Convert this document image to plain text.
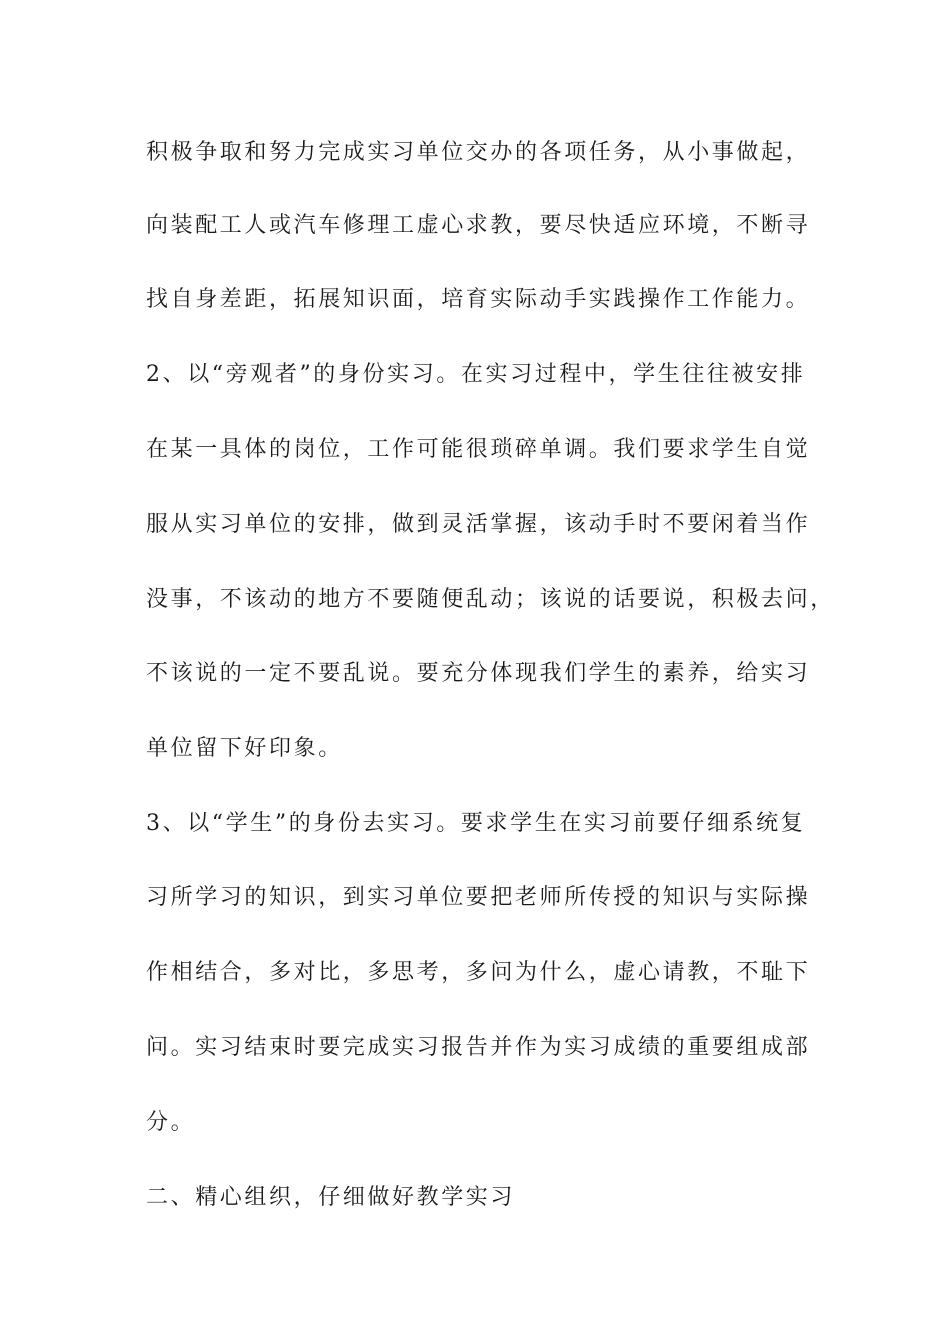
积极争取和努力完成实习单位交办的各项任务，从小事做起，
向装配工人或汽车修理工虚心求教，要尽快适应环境，不断寻
找自身差距，拓展知识面，培育实际动手实践操作工作能力。
2、以“旁观者”的身份实习。在实习过程中，学生往往被安排
在某一具体的岗位，工作可能很琐碎单调。我们要求学生自觉
服从实习单位的安排，做到灵活掌握，该动手时不要闲着当作
没事，不该动的地方不要随便乱动；该说的话要说，积极去问，
不该说的一定不要乱说。要充分体现我们学生的素养，给实习
单位留下好印象。
3、以“学生”的身份去实习。要求学生在实习前要仔细系统复
习所学习的知识，到实习单位要把老师所传授的知识与实际操
作相结合，多对比，多思考，多问为什么，虚心请教，不耻下
问。实习结束时要完成实习报告并作为实习成绩的重要组成部
分。
二、精心组织，仔细做好教学实习
